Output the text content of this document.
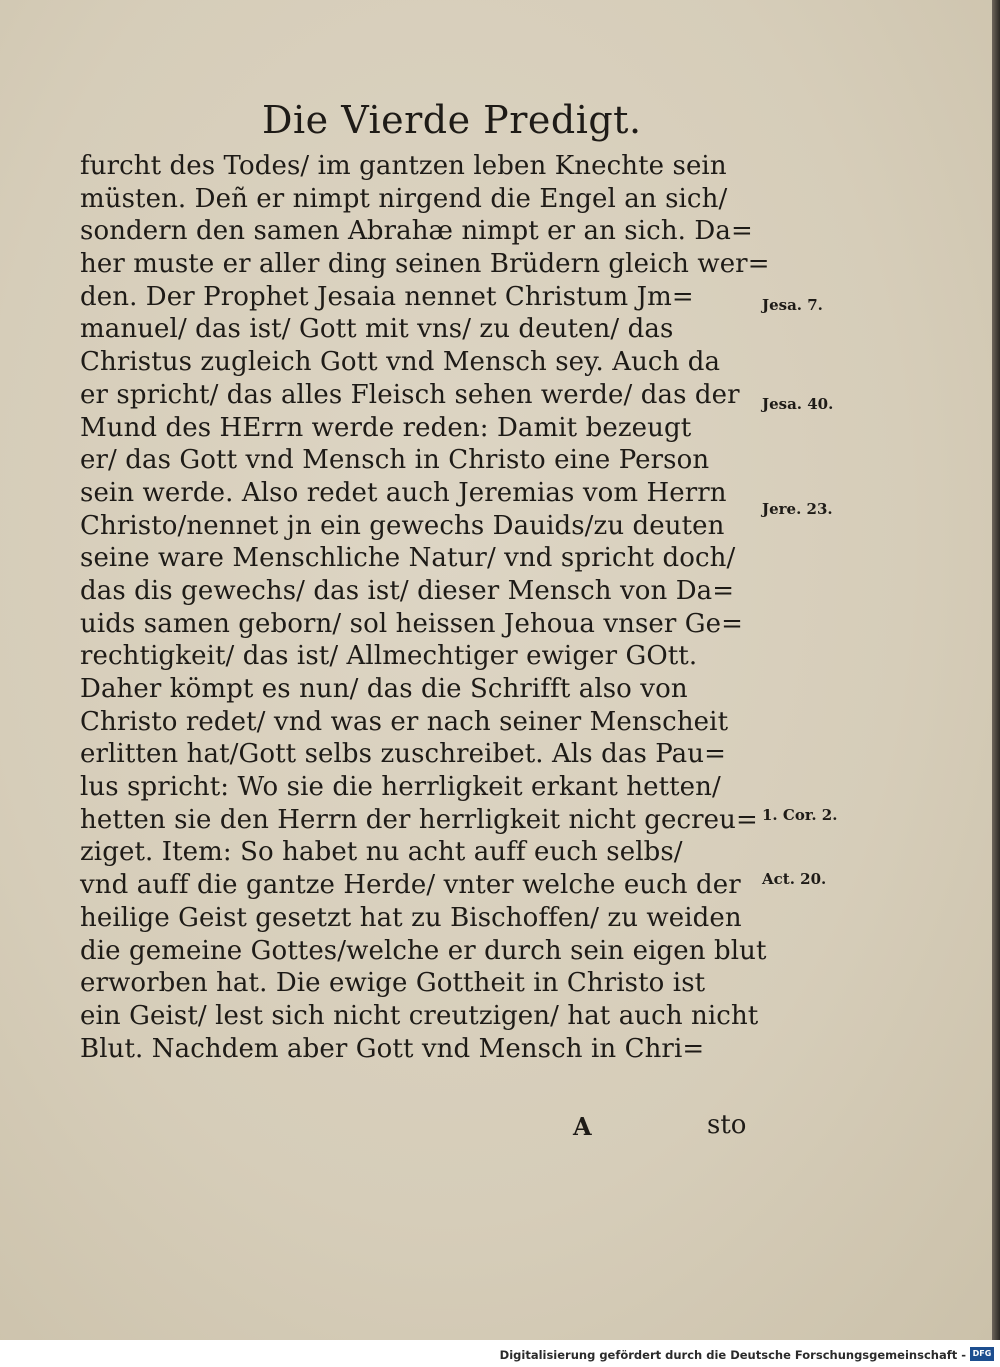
Die Vierde Predigt.
furcht des Todes/ im gantzen leben Knechte sein
müsten. Deñ er nimpt nirgend die Engel an sich/
sondern den samen Abrahæ nimpt er an sich. Da=
her muste er aller ding seinen Brüdern gleich wer=
den. Der Prophet Jesaia nennet Christum Jm=
manuel/ das ist/ Gott mit vns/ zu deuten/ das
Christus zugleich Gott vnd Mensch sey. Auch da
er spricht/ das alles Fleisch sehen werde/ das der
Mund des HErrn werde reden: Damit bezeugt
er/ das Gott vnd Mensch in Christo eine Person
sein werde. Also redet auch Jeremias vom Herrn
Christo/nennet jn ein gewechs Dauids/zu deuten
seine ware Menschliche Natur/ vnd spricht doch/
das dis gewechs/ das ist/ dieser Mensch von Da=
uids samen geborn/ sol heissen Jehoua vnser Ge=
rechtigkeit/ das ist/ Allmechtiger ewiger GOtt.
Daher kömpt es nun/ das die Schrifft also von
Christo redet/ vnd was er nach seiner Menscheit
erlitten hat/Gott selbs zuschreibet. Als das Pau=
lus spricht: Wo sie die herrligkeit erkant hetten/
hetten sie den Herrn der herrligkeit nicht gecreu=
ziget. Item: So habet nu acht auff euch selbs/
vnd auff die gantze Herde/ vnter welche euch der
heilige Geist gesetzt hat zu Bischoffen/ zu weiden
die gemeine Gottes/welche er durch sein eigen blut
erworben hat. Die ewige Gottheit in Christo ist
ein Geist/ lest sich nicht creutzigen/ hat auch nicht
Blut. Nachdem aber Gott vnd Mensch in Chri=
Jesa. 7.
Jesa. 40.
Jere. 23.
1. Cor. 2.
Act. 20.
A	sto
Digitalisierung gefördert durch die Deutsche Forschungsgemeinschaft - DFG
